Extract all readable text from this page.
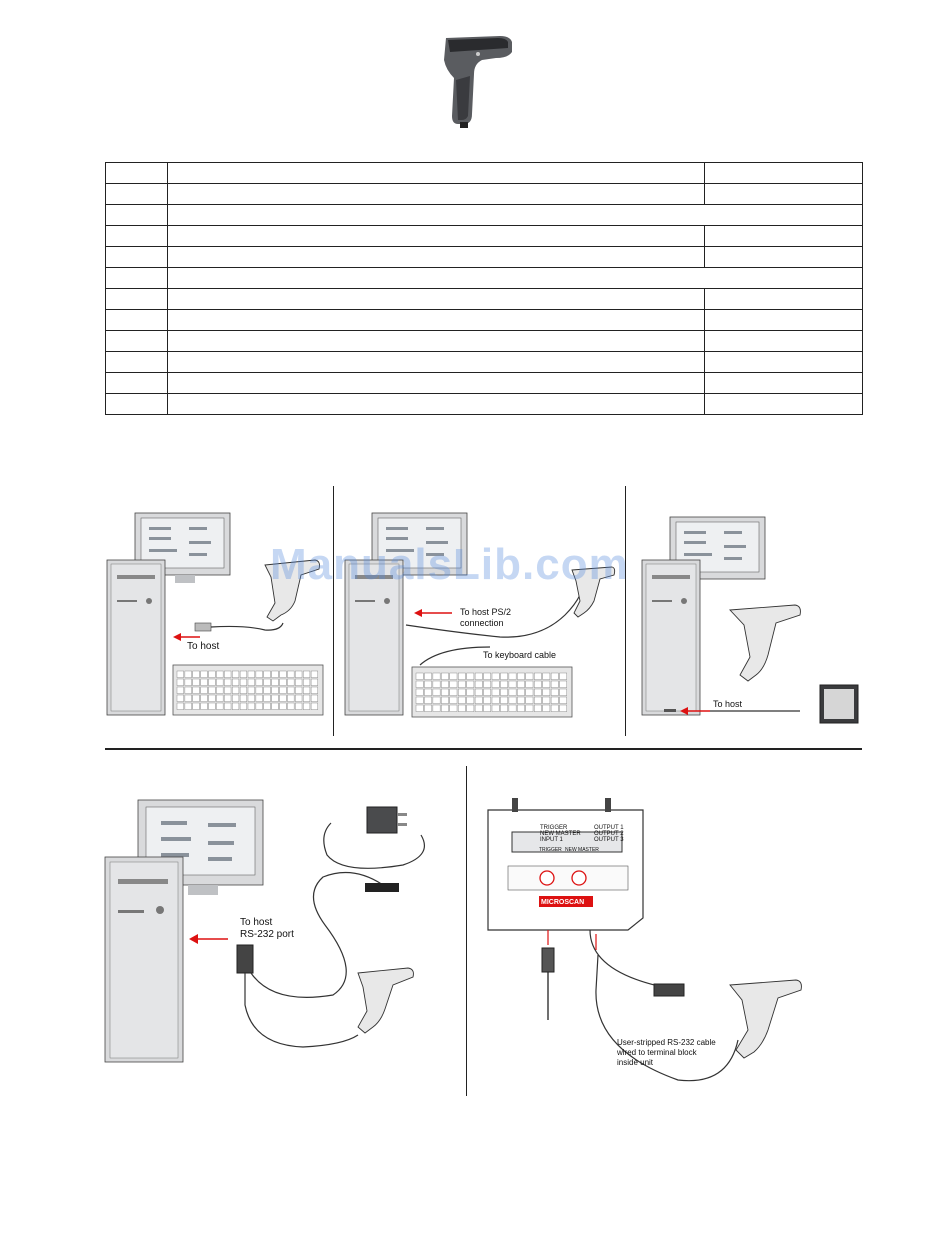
To host
To host PS/2
connection
To keyboard cable
To host
To host
RS-232 port
TRIGGER
NEW MASTER
INPUT 1
OUTPUT 1
OUTPUT 2
OUTPUT 3
TRIGGER NEW MASTER
MICROSCAN
User-stripped RS-232 cable
wired to terminal block
inside unit
ManualsLib.com
